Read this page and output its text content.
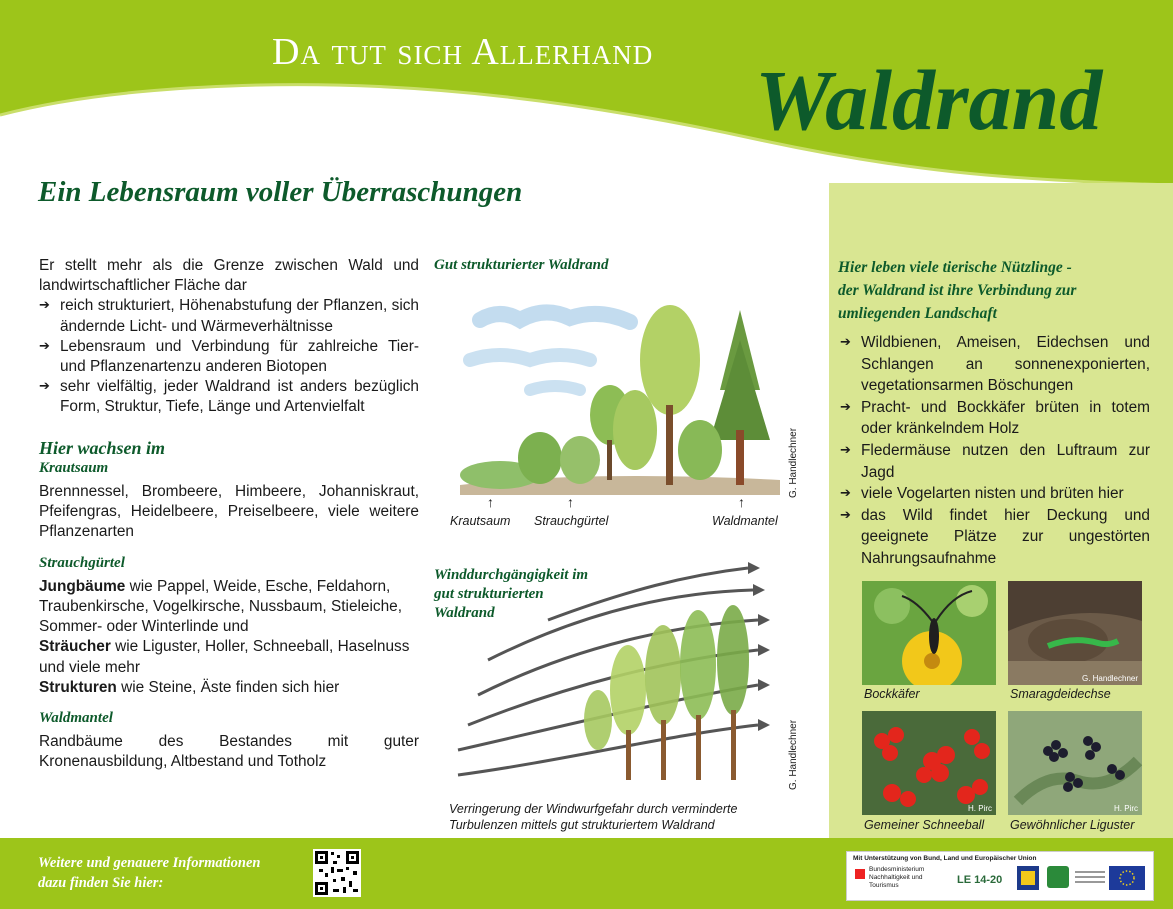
Da tut sich Allerhand	Waldrand
Ein Lebensraum voller Überraschungen

Er stellt mehr als die Grenze zwischen Wald und landwirtschaftlicher Fläche dar

➔ reich strukturiert, Höhenabstufung der Pflanzen, sich ändernde Licht- und Wärmeverhältnisse
➔ Lebensraum und Verbindung für zahlreiche Tier- und Pflanzenartenzu anderen Biotopen
➔ sehr vielfältig, jeder Waldrand ist anders bezüglich Form, Struktur, Tiefe, Länge und Artenvielfalt
Hier wachsen im
Krautsaum

Brennnessel, Brombeere, Himbeere, Johanniskraut, Pfeifengras, Heidelbeere, Preiselbeere, viele weitere Pflanzenarten

Strauchgürtel

Jungbäume wie Pappel, Weide, Esche, Feldahorn, Traubenkirsche, Vogelkirsche, Nussbaum, Stieleiche, Sommer- oder Winterlinde und
Sträucher wie Liguster, Holler, Schneeball, Haselnuss und viele mehr
Strukturen wie Steine, Äste finden sich hier

Waldmantel

Randbäume des Bestandes mit guter Kronenausbildung, Altbestand und Totholz

Gut strukturierter Waldrand
↑	↑	↑
Krautsaum Strauchgürtel	Waldmantel
G. Handlechner
Winddurchgängigkeit im
gut strukturierten
Waldrand
G. Handlechner
Verringerung der Windwurfgefahr durch verminderte
Turbulenzen mittels gut strukturiertem Waldrand
Hier leben viele tierische Nützlinge -
der Waldrand ist ihre Verbindung zur
umliegenden Landschaft
➔ Wildbienen, Ameisen, Eidechsen und Schlangen an sonnenexponierten, vegetationsarmen Böschungen
➔ Pracht- und Bockkäfer brüten in totem oder kränkelndem Holz
➔ Fledermäuse nutzen den Luftraum zur Jagd
➔ viele Vogelarten nisten und brüten hier
➔ das Wild findet hier Deckung und geeignete Plätze zur ungestörten Nahrungsaufnahme
G. Handlechner
H. Pirc	H. Pirc
Bockkäfer	Smaragdeidechse
Gemeiner Schneeball Gewöhnlicher Liguster
Weitere und genauere Informationen
dazu finden Sie hier:
Mit Unterstützung von Bund, Land und Europäischer Union
Bundesministerium
Nachhaltigkeit und
Tourismus	LE 14-20
